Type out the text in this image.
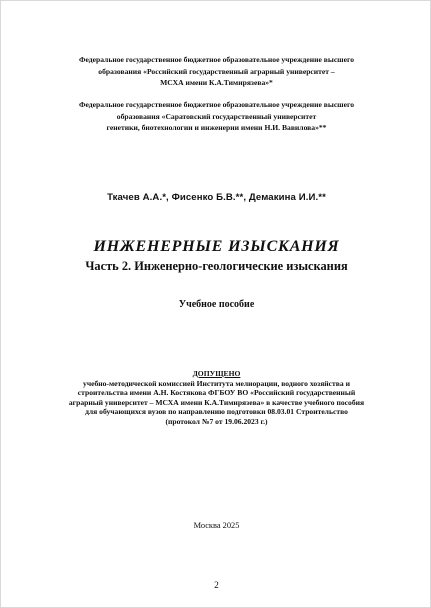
Федеральное государственное бюджетное образовательное учреждение высшего
образования «Российский государственный аграрный университет –
МСХА имени К.А.Тимирязева»*
Федеральное государственное бюджетное образовательное учреждение высшего
образования «Саратовский государственный университет
генетики, биотехнологии и инженерии имени Н.И. Вавилова»**
Ткачев А.А.*, Фисенко Б.В.**, Демакина И.И.**
ИНЖЕНЕРНЫЕ ИЗЫСКАНИЯ
Часть 2. Инженерно-геологические изыскания
Учебное пособие
ДОПУЩЕНО
учебно-методической комиссией Института мелиорации, водного хозяйства и
строительства имени А.Н. Костякова ФГБОУ ВО «Российский государственный
аграрный университет – МСХА имени К.А.Тимирязева» в качестве учебного пособия
для обучающихся вузов по направлению подготовки 08.03.01 Строительство
(протокол №7 от 19.06.2023 г.)
Москва 2025
2
